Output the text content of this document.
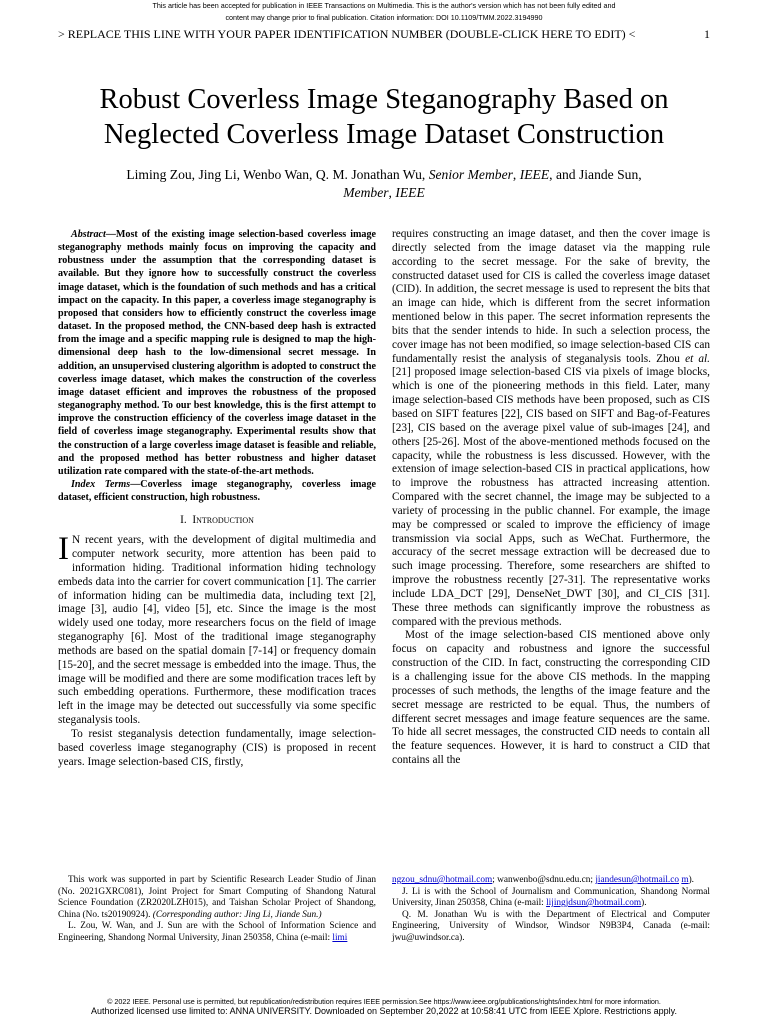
This article has been accepted for publication in IEEE Transactions on Multimedia. This is the author's version which has not been fully edited and
content may change prior to final publication. Citation information: DOI 10.1109/TMM.2022.3194990
> REPLACE THIS LINE WITH YOUR PAPER IDENTIFICATION NUMBER (DOUBLE-CLICK HERE TO EDIT) <	1
Robust Coverless Image Steganography Based on
Neglected Coverless Image Dataset Construction
Liming Zou, Jing Li, Wenbo Wan, Q. M. Jonathan Wu, Senior Member, IEEE, and Jiande Sun,
Member, IEEE

Abstract—Most of the existing image selection-based coverless image steganography methods mainly focus on improving the capacity and robustness under the assumption that the corresponding dataset is available. But they ignore how to successfully construct the coverless image dataset, which is the foundation of such methods and has a critical impact on the capacity. In this paper, a coverless image steganography is proposed that considers how to efficiently construct the coverless image dataset. In the proposed method, the CNN-based deep hash is extracted from the image and a specific mapping rule is designed to map the high-dimensional deep hash to the low-dimensional secret message. In addition, an unsupervised clustering algorithm is adopted to construct the coverless image dataset, which makes the construction of the coverless image dataset efficient and improves the robustness of the proposed steganography method. To our best knowledge, this is the first attempt to improve the construction efficiency of the coverless image dataset in the field of coverless image steganography. Experimental results show that the construction of a large coverless image dataset is feasible and reliable, and the proposed method has better robustness and higher dataset utilization rate compared with the state-of-the-art methods.

Index Terms—Coverless image steganography, coverless image dataset, efficient construction, high robustness.

I. Introduction

I N recent years, with the development of digital multimedia and computer network security, more attention has been paid to information hiding. Traditional information hiding technology embeds data into the carrier for covert communication [1]. The carrier of information hiding can be multimedia data, including text [2], image [3], audio [4], video [5], etc. Since the image is the most widely used one today, more researchers focus on the field of image steganography [6]. Most of the traditional image steganography methods are based on the spatial domain [7-14] or frequency domain [15-20], and the secret message is embedded into the image. Thus, the image will be modified and there are some modification traces left by such embedding operations. Furthermore, these modification traces left in the image may be detected out successfully via some specific steganalysis tools.

To resist steganalysis detection fundamentally, image selection-based coverless image steganography (CIS) is proposed in recent years. Image selection-based CIS, firstly,

requires constructing an image dataset, and then the cover image is directly selected from the image dataset via the mapping rule according to the secret message. For the sake of brevity, the constructed dataset used for CIS is called the coverless image dataset (CID). In addition, the secret message is used to represent the bits that an image can hide, which is different from the secret information mentioned below in this paper. The secret information represents the bits that the sender intends to hide. In such a selection process, the cover image has not been modified, so image selection-based CIS can fundamentally resist the analysis of steganalysis tools. Zhou et al. [21] proposed image selection-based CIS via pixels of image blocks, which is one of the pioneering methods in this field. Later, many image selection-based CIS methods have been proposed, such as CIS based on SIFT features [22], CIS based on SIFT and Bag-of-Features [23], CIS based on the average pixel value of sub-images [24], and others [25-26]. Most of the above-mentioned methods focused on the capacity, while the robustness is less discussed. However, with the extension of image selection-based CIS in practical applications, how to improve the robustness has attracted increasing attention. Compared with the secret channel, the image may be subjected to a variety of processing in the public channel. For example, the image may be compressed or scaled to improve the efficiency of image transmission via social Apps, such as WeChat. Furthermore, the accuracy of the secret message extraction will be decreased due to such image processing. Therefore, some researchers are shifted to improve the robustness recently [27-31]. The representative works include LDA_DCT [29], DenseNet_DWT [30], and CI_CIS [31]. These three methods can significantly improve the robustness as compared with the previous methods.

Most of the image selection-based CIS mentioned above only focus on capacity and robustness and ignore the successful construction of the CID. In fact, constructing the corresponding CID is a challenging issue for the above CIS methods. In the mapping processes of such methods, the lengths of the image feature and the secret message are restricted to be equal. Thus, the numbers of different secret messages and image feature sequences are the same. To hide all secret messages, the constructed CID needs to contain all the feature sequences. However, it is hard to construct a CID that contains all the

This work was supported in part by Scientific Research Leader Studio of Jinan (No. 2021GXRC081), Joint Project for Smart Computing of Shandong Natural Science Foundation (ZR2020LZH015), and Taishan Scholar Project of Shandong, China (No. ts20190924). (Corresponding author: Jing Li, Jiande Sun.)

L. Zou, W. Wan, and J. Sun are with the School of Information Science and Engineering, Shandong Normal University, Jinan 250358, China (e-mail: limi

ngzou_sdnu@hotmail.com; wanwenbo@sdnu.edu.cn; jiandesun@hotmail.co m).

J. Li is with the School of Journalism and Communication, Shandong Normal University, Jinan 250358, China (e-mail: lijingjdsun@hotmail.com).

Q. M. Jonathan Wu is with the Department of Electrical and Computer Engineering, University of Windsor, Windsor N9B3P4, Canada (e-mail: jwu@uwindsor.ca).

© 2022 IEEE. Personal use is permitted, but republication/redistribution requires IEEE permission.See https://www.ieee.org/publications/rights/index.html for more information.
Authorized licensed use limited to: ANNA UNIVERSITY. Downloaded on September 20,2022 at 10:58:41 UTC from IEEE Xplore. Restrictions apply.
